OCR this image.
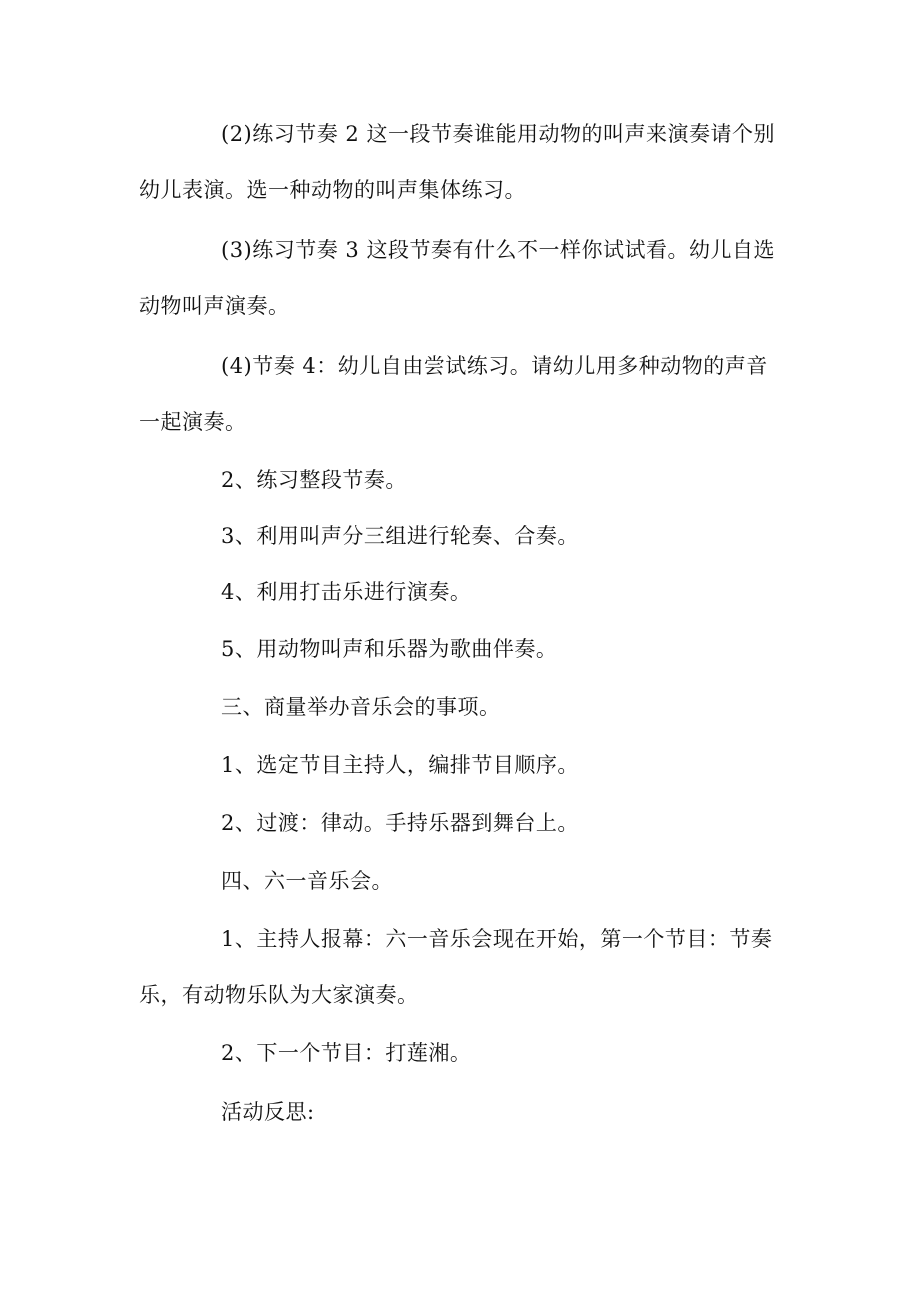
(2)练习节奏 2 这一段节奏谁能用动物的叫声来演奏请个别
幼儿表演。选一种动物的叫声集体练习。
(3)练习节奏 3 这段节奏有什么不一样你试试看。幼儿自选
动物叫声演奏。
(4)节奏 4：幼儿自由尝试练习。请幼儿用多种动物的声音
一起演奏。
2、练习整段节奏。
3、利用叫声分三组进行轮奏、合奏。
4、利用打击乐进行演奏。
5、用动物叫声和乐器为歌曲伴奏。
三、商量举办音乐会的事项。
1、选定节目主持人，编排节目顺序。
2、过渡：律动。手持乐器到舞台上。
四、六一音乐会。
1、主持人报幕：六一音乐会现在开始，第一个节目：节奏
乐，有动物乐队为大家演奏。
2、下一个节目：打莲湘。
活动反思:
